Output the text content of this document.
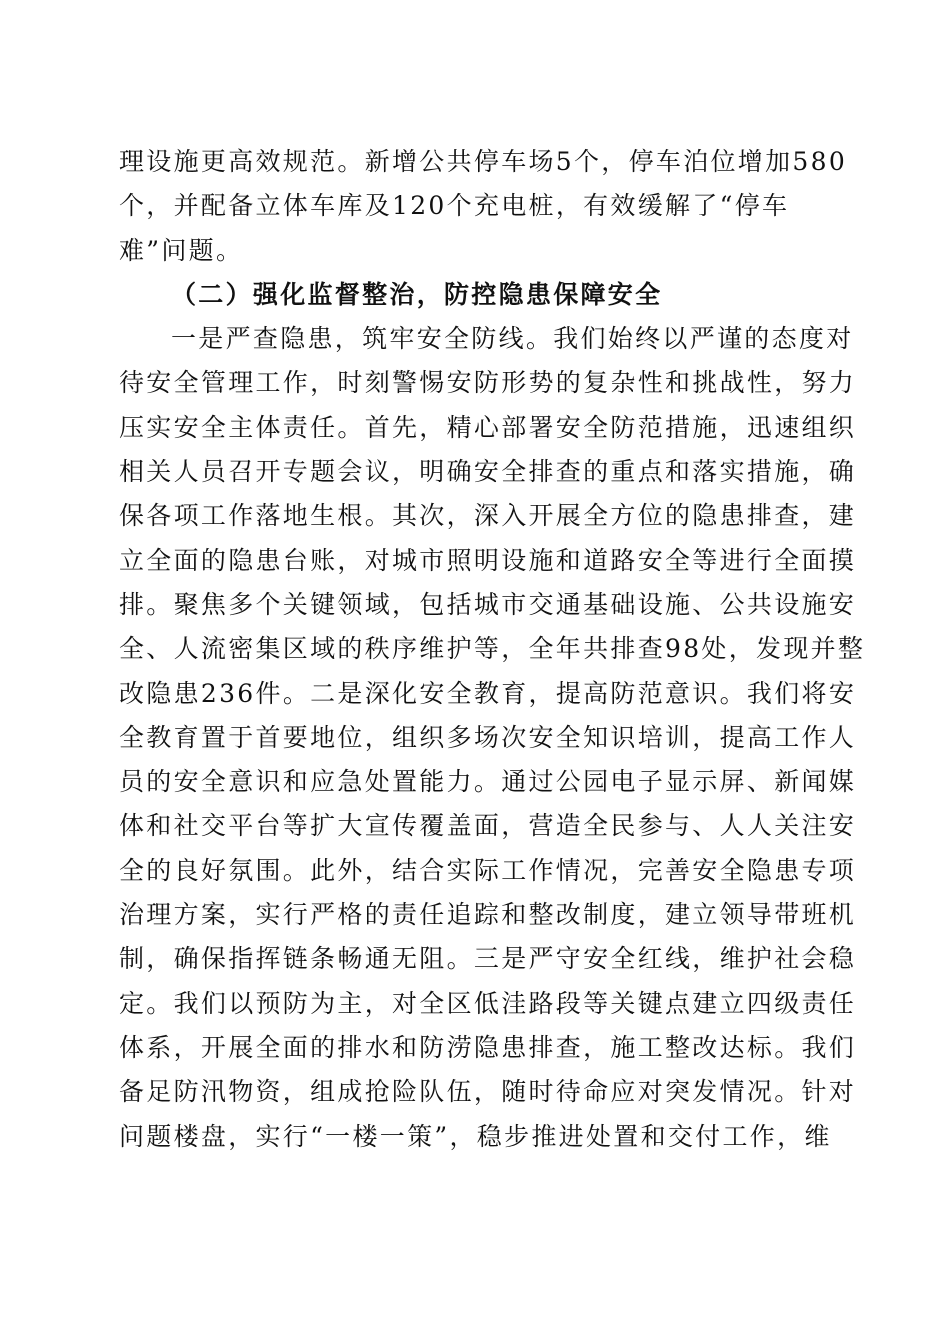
理设施更高效规范。新增公共停车场5个，停车泊位增加580
个，并配备立体车库及120个充电桩，有效缓解了“停车
难”问题。
（二）强化监督整治，防控隐患保障安全
一是严查隐患，筑牢安全防线。我们始终以严谨的态度对
待安全管理工作，时刻警惕安防形势的复杂性和挑战性，努力
压实安全主体责任。首先，精心部署安全防范措施，迅速组织
相关人员召开专题会议，明确安全排查的重点和落实措施，确
保各项工作落地生根。其次，深入开展全方位的隐患排查，建
立全面的隐患台账，对城市照明设施和道路安全等进行全面摸
排。聚焦多个关键领域，包括城市交通基础设施、公共设施安
全、人流密集区域的秩序维护等，全年共排查98处，发现并整
改隐患236件。二是深化安全教育，提高防范意识。我们将安
全教育置于首要地位，组织多场次安全知识培训，提高工作人
员的安全意识和应急处置能力。通过公园电子显示屏、新闻媒
体和社交平台等扩大宣传覆盖面，营造全民参与、人人关注安
全的良好氛围。此外，结合实际工作情况，完善安全隐患专项
治理方案，实行严格的责任追踪和整改制度，建立领导带班机
制，确保指挥链条畅通无阻。三是严守安全红线，维护社会稳
定。我们以预防为主，对全区低洼路段等关键点建立四级责任
体系，开展全面的排水和防涝隐患排查，施工整改达标。我们
备足防汛物资，组成抢险队伍，随时待命应对突发情况。针对
问题楼盘，实行“一楼一策”，稳步推进处置和交付工作，维
